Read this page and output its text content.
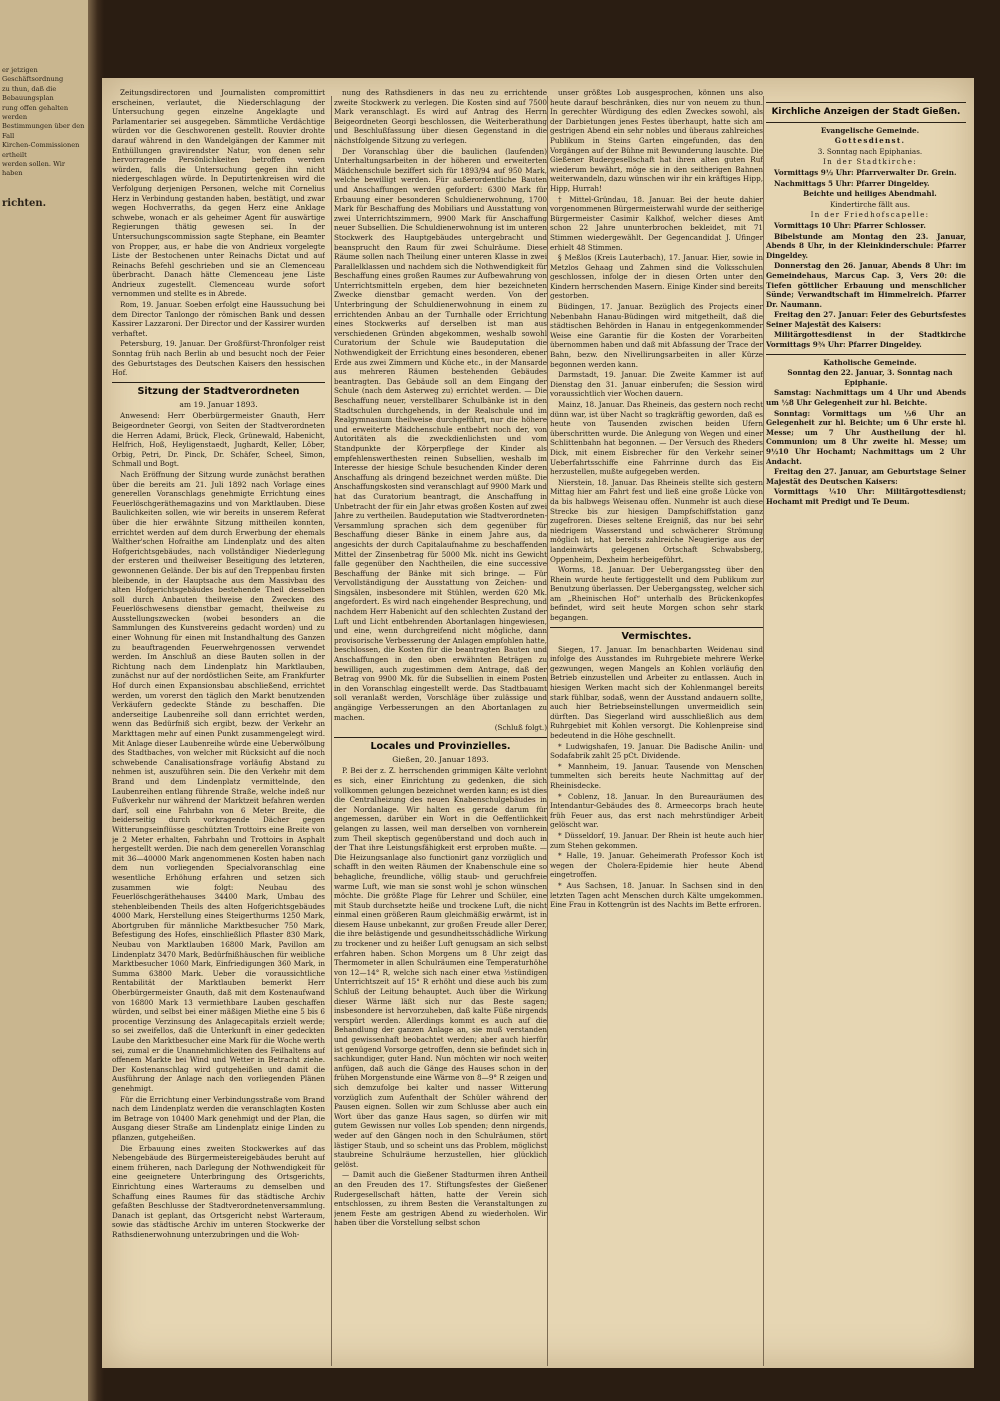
er jetzigen Geschäftsordnung

zu thun, daß die Bebauungsplan

rung offen gehalten werden

Bestimmungen über den Fall

Kirchen-Commissionen ertheilt

werden sollen. Wir haben

richten.

Zeitungsdirectoren und Journalisten compromittirt erscheinen, verlautet, die Niederschlagung der Untersuchung gegen einzelne Angeklagte und Parlamentarier sei ausgegeben. Sämmtliche Verdächtige würden vor die Geschworenen gestellt. Rouvier drohte darauf während in den Wandelgängen der Kammer mit Enthüllungen gravirendster Natur, von denen sehr hervorragende Persönlichkeiten betroffen werden würden, falls die Untersuchung gegen ihn nicht niedergeschlagen würde. In Deputirtenkreisen wird die Verfolgung derjenigen Personen, welche mit Cornelius Herz in Verbindung gestanden haben, bestätigt, und zwar wegen Hochverraths, da gegen Herz eine Anklage schwebe, wonach er als geheimer Agent für auswärtige Regierungen thätig gewesen sei. In der Untersuchungscommission sagte Stephane, ein Beamter von Propper, aus, er habe die von Andrieux vorgelegte Liste der Bestochenen unter Reinachs Dictat und auf Reinachs Befehl geschrieben und sie an Clemenceau überbracht. Danach hätte Clemenceau jene Liste Andrieux zugestellt. Clemenceau wurde sofort vernommen und stellte es in Abrede.

Rom, 19. Januar. Soeben erfolgt eine Haussuchung bei dem Director Tanlongo der römischen Bank und dessen Kassirer Lazzaroni. Der Director und der Kassirer wurden verhaftet.

Petersburg, 19. Januar. Der Großfürst-Thronfolger reist Sonntag früh nach Berlin ab und besucht noch der Feier des Geburtstages des Deutschen Kaisers den hessischen Hof.

Sitzung der Stadtverordneten
am 19. Januar 1893.

Anwesend: Herr Oberbürgermeister Gnauth, Herr Beigeordneter Georgi, von Seiten der Stadtverordneten die Herren Adami, Brück, Fleck, Grünewald, Habenicht, Helfrich, Hoß, Heyligenstaedt, Jughardt, Keller, Löber, Orbig, Petri, Dr. Pinck, Dr. Schäfer, Scheel, Simon, Schmall und Bogt.

Nach Eröffnung der Sitzung wurde zunächst berathen über die bereits am 21. Juli 1892 nach Vorlage eines generellen Voranschlags genehmigte Errichtung eines Feuerlöschgeräthemagazins und von Marktlauben. Diese Baulichkeiten sollen, wie wir bereits in unserem Referat über die hier erwähnte Sitzung mittheilen konnten, errichtet werden auf dem durch Erwerbung der ehemals Walther'schen Hofraithe am Lindenplatz und des alten Hofgerichtsgebäudes, nach vollständiger Niederlegung der ersteren und theilweiser Beseitigung des letzteren, gewonnenen Gelände. Der bis auf den Treppenbau firsten bleibende, in der Hauptsache aus dem Massivbau des alten Hofgerichtsgebäudes bestehende Theil desselben soll durch Anbauten theilweise den Zwecken des Feuerlöschwesens dienstbar gemacht, theilweise zu Ausstellungszwecken (wobei besonders an die Sammlungen des Kunstvereins gedacht worden) und zu einer Wohnung für einen mit Instandhaltung des Ganzen zu beauftragenden Feuerwehrgenossen verwendet werden. Im Anschluß an diese Bauten sollen in der Richtung nach dem Lindenplatz hin Marktlauben, zunächst nur auf der nordöstlichen Seite, am Frankfurter Hof durch einen Expansionsbau abschließend, errichtet werden, um vorerst den täglich den Markt benutzenden Verkäufern gedeckte Stände zu beschaffen. Die anderseitige Laubenreihe soll dann errichtet werden, wenn das Bedürfniß sich ergibt, bezw. der Verkehr an Markttagen mehr auf einen Punkt zusammengelegt wird. Mit Anlage dieser Laubenreihe würde eine Ueberwölbung des Stadtbaches, von welcher mit Rücksicht auf die noch schwebende Canalisationsfrage vorläufig Abstand zu nehmen ist, auszuführen sein. Die den Verkehr mit dem Brand und dem Lindenplatz vermittelnde, den Laubenreihen entlang führende Straße, welche indeß nur Fußverkehr nur während der Marktzeit befahren werden darf, soll eine Fahrbahn von 6 Meter Breite, die beiderseitig durch vorkragende Dächer gegen Witterungseinflüsse geschützten Trottoirs eine Breite von je 2 Meter erhalten, Fahrbahn und Trottoirs in Asphalt hergestellt werden. Die nach dem generellen Voranschlag mit 36—40000 Mark angenommenen Kosten haben nach dem nun vorliegenden Specialvoranschlag eine wesentliche Erhöhung erfahren und setzen sich zusammen wie folgt: Neubau des Feuerlöschgeräthehauses 34400 Mark, Umbau des stehenbleibenden Theils des alten Hofgerichtsgebäudes 4000 Mark, Herstellung eines Steigerthurms 1250 Mark, Abortgruben für männliche Marktbesucher 750 Mark, Befestigung des Hofes, einschließlich Pflaster 830 Mark, Neubau von Marktlauben 16800 Mark, Pavillon am Lindenplatz 3470 Mark, Bedürfnißhäuschen für weibliche Marktbesucher 1060 Mark, Einfriedigungen 360 Mark, in Summa 63800 Mark. Ueber die voraussichtliche Rentabilität der Marktlauben bemerkt Herr Oberbürgermeister Gnauth, daß mit dem Kostenaufwand von 16800 Mark 13 vermiethbare Lauben geschaffen würden, und selbst bei einer mäßigen Miethe eine 5 bis 6 procentige Verzinsung des Anlagecapitals erzielt werde; so sei zweifellos, daß die Unterkunft in einer gedeckten Laube den Marktbesucher eine Mark für die Woche werth sei, zumal er die Unannehmlichkeiten des Feilhaltens auf offenem Markte bei Wind und Wetter in Betracht ziehe. Der Kostenanschlag wird gutgeheißen und damit die Ausführung der Anlage nach den vorliegenden Plänen genehmigt.

Für die Errichtung einer Verbindungsstraße vom Brand nach dem Lindenplatz werden die veranschlagten Kosten im Betrage von 10400 Mark genehmigt und der Plan, die Ausgang dieser Straße am Lindenplatz einige Linden zu pflanzen, gutgeheißen.

Die Erbauung eines zweiten Stockwerkes auf das Nebengebäude des Bürgermeistereigebäudes beruht auf einem früheren, nach Darlegung der Nothwendigkeit für eine geeignetere Unterbringung des Ortsgerichts, Einrichtung eines Warteraums zu demselben und Schaffung eines Raumes für das städtische Archiv gefaßten Beschlusse der Stadtverordnetenversammlung. Danach ist geplant, das Ortsgericht nebst Warteraum, sowie das städtische Archiv im unteren Stockwerke der Rathsdienerwohnung unterzubringen und die Woh-

nung des Rathsdieners in das neu zu errichtende zweite Stockwerk zu verlegen. Die Kosten sind auf 7500 Mark veranschlagt. Es wird auf Antrag des Herrn Beigeordneten Georgi beschlossen, die Weiterberathung und Beschlußfassung über diesen Gegenstand in die nächstfolgende Sitzung zu verlegen.

Der Voranschlag über die baulichen (laufenden) Unterhaltungsarbeiten in der höheren und erweiterten Mädchenschule beziffert sich für 1893/94 auf 950 Mark, welche bewilligt werden. Für außerordentliche Bauten und Anschaffungen werden gefordert: 6300 Mark für Erbauung einer besonderen Schuldienerwohnung, 1700 Mark für Beschaffung des Mobiliars und Ausstattung von zwei Unterrichtszimmern, 9900 Mark für Anschaffung neuer Subsellien. Die Schuldienerwohnung ist im unteren Stockwerk des Hauptgebäudes untergebracht und beansprucht den Raum für zwei Schulräume. Diese Räume sollen nach Theilung einer unteren Klasse in zwei Parallelklassen und nachdem sich die Nothwendigkeit für Beschaffung eines großen Raumes zur Aufbewahrung von Unterrichtsmitteln ergeben, dem hier bezeichneten Zwecke dienstbar gemacht werden. Von der Unterbringung der Schuldienerwohnung in einem zu errichtenden Anbau an der Turnhalle oder Errichtung eines Stockwerks auf derselben ist man aus verschiedenen Gründen abgekommen, weshalb sowohl Curatorium der Schule wie Baudeputation die Nothwendigkeit der Errichtung eines besonderen, ebener Erde aus zwei Zimmern und Küche etc., in der Mansarde aus mehreren Räumen bestehenden Gebäudes beantragten. Das Gebäude soll an dem Eingang der Schule (nach dem Asterweg zu) errichtet werden. — Die Beschaffung neuer, verstellbarer Schulbänke ist in den Stadtschulen durchgehends, in der Realschule und im Realgymnasium theilweise durchgeführt, nur die höhere und erweiterte Mädchenschule entbehrt noch der, von Autoritäten als die zweckdienlichsten und vom Standpunkte der Körperpflege der Kinder als empfehlenswerthesten reinen Subsellien, weshalb im Interesse der hiesige Schule besuchenden Kinder deren Anschaffung als dringend bezeichnet werden müßte. Die Anschaffungskosten sind veranschlagt auf 9900 Mark und hat das Curatorium beantragt, die Anschaffung in Unbetracht der für ein Jahr etwas großen Kosten auf zwei Jahre zu vertheilen. Baudeputation wie Stadtverordneten-Versammlung sprachen sich dem gegenüber für Beschaffung dieser Bänke in einem Jahre aus, da angesichts der durch Capitalaufnahme zu beschaffenden Mittel der Zinsenbetrag für 5000 Mk. nicht ins Gewicht falle gegenüber den Nachtheilen, die eine successive Beschaffung der Bänke mit sich bringe. — Für Vervollständigung der Ausstattung von Zeichen- und Singsälen, insbesondere mit Stühlen, werden 620 Mk. angefordert. Es wird nach eingehender Besprechung, und nachdem Herr Habenicht auf den schlechten Zustand der Luft und Licht entbehrenden Abortanlagen hingewiesen, und eine, wenn durchgreifend nicht mögliche, dann provisorische Verbesserung der Anlagen empfohlen hatte, beschlossen, die Kosten für die beantragten Bauten und Anschaffungen in den oben erwähnten Beträgen zu bewilligen, auch zugestimmen dem Antrage, daß der Betrag von 9900 Mk. für die Subsellien in einem Posten in den Voranschlag eingestellt werde. Das Stadtbauamt soll veranlaßt werden, Vorschläge über zulässige und angängige Verbesserungen an den Abortanlagen zu machen.

(Schluß folgt.)

Locales und Provinzielles.
Gießen, 20. Januar 1893.

P. Bei der z. Z. herrschenden grimmigen Kälte verlohnt es sich, einer Einrichtung zu gedenken, die sich vollkommen gelungen bezeichnet werden kann; es ist dies die Centralheizung des neuen Knabenschulgebäudes in der Nordanlage. Wir halten es gerade darum für angemessen, darüber ein Wort in die Oeffentlichkeit gelangen zu lassen, weil man derselben von vornherein zum Theil skeptisch gegenüberstand und doch auch in der That ihre Leistungsfähigkeit erst erproben mußte. — Die Heizungsanlage also functionirt ganz vorzüglich und schafft in den weiten Räumen der Knabenschule eine so behagliche, freundliche, völlig staub- und geruchfreie warme Luft, wie man sie sonst wohl je schon wünschen möchte. Die größte Plage für Lehrer und Schüler, eine mit Staub durchsetzte heiße und trockene Luft, die nicht einmal einen größeren Raum gleichmäßig erwärmt, ist in diesem Hause unbekannt, zur großen Freude aller Derer, die ihre belästigende und gesundheitsschädliche Wirkung zu trockener und zu heißer Luft genugsam an sich selbst erfahren haben. Schon Morgens um 8 Uhr zeigt das Thermometer in allen Schulräumen eine Temperaturhöhe von 12—14° R, welche sich nach einer etwa ½stündigen Unterrichtszeit auf 15° R erhöht und diese auch bis zum Schluß der Leitung behauptet. Auch über die Wirkung dieser Wärme läßt sich nur das Beste sagen; insbesondere ist hervorzuheben, daß kalte Füße nirgends verspürt werden. Allerdings kommt es auch auf die Behandlung der ganzen Anlage an, sie muß verstanden und gewissenhaft beobachtet werden; aber auch hierfür ist genügend Vorsorge getroffen, denn sie befindet sich in sachkundiger, guter Hand. Nun möchten wir noch weiter anfügen, daß auch die Gänge des Hauses schon in der frühen Morgenstunde eine Wärme von 8—9° R zeigen und sich demzufolge bei kalter und nasser Witterung vorzüglich zum Aufenthalt der Schüler während der Pausen eignen. Sollen wir zum Schlusse aber auch ein Wort über das ganze Haus sagen, so dürfen wir mit gutem Gewissen nur volles Lob spenden; denn nirgends, weder auf den Gängen noch in den Schulräumen, stört lästiger Staub, und so scheint uns das Problem, möglichst staubreine Schulräume herzustellen, hier glücklich gelöst.

— Damit auch die Gießener Stadturmen ihren Antheil an den Freuden des 17. Stiftungsfestes der Gießener Rudergesellschaft hätten, hatte der Verein sich entschlossen, zu ihrem Besten die Veranstaltungen zu jenem Feste am gestrigen Abend zu wiederholen. Wir haben über die Vorstellung selbst schon

unser größtes Lob ausgesprochen, können uns also heute darauf beschränken, dies nur von neuem zu thun. In gerechter Würdigung des edlen Zweckes sowohl, als der Darbietungen jenes Festes überhaupt, hatte sich am gestrigen Abend ein sehr nobles und überaus zahlreiches Publikum in Steins Garten eingefunden, das den Vorgängen auf der Bühne mit Bewunderung lauschte. Die Gießener Rudergesellschaft hat ihren alten guten Ruf wiederum bewährt, möge sie in den seitherigen Bahnen weiterwandeln, dazu wünschen wir ihr ein kräftiges Hipp, Hipp, Hurrah!

† Mittel-Gründau, 18. Januar. Bei der heute dahier vorgenommenen Bürgermeisterwahl wurde der seitherige Bürgermeister Casimir Kalkhof, welcher dieses Amt schon 22 Jahre ununterbrochen bekleidet, mit 71 Stimmen wiedergewählt. Der Gegencandidat J. Ufinger erhielt 48 Stimmen.

§ Meßlos (Kreis Lauterbach), 17. Januar. Hier, sowie in Metzlos Gehaag und Zahmen sind die Volksschulen geschlossen, infolge der in diesen Orten unter den Kindern herrschenden Masern. Einige Kinder sind bereits gestorben.

Büdingen, 17. Januar. Bezüglich des Projects einer Nebenbahn Hanau-Büdingen wird mitgetheilt, daß die städtischen Behörden in Hanau in entgegenkommender Weise eine Garantie für die Kosten der Vorarbeiten übernommen haben und daß mit Abfassung der Trace der Bahn, bezw. den Nivellirungsarbeiten in aller Kürze begonnen werden kann.

Darmstadt, 19. Januar. Die Zweite Kammer ist auf Dienstag den 31. Januar einberufen; die Session wird voraussichtlich vier Wochen dauern.

Mainz, 18. Januar. Das Rheineis, das gestern noch recht dünn war, ist über Nacht so tragkräftig geworden, daß es heute von Tausenden zwischen beiden Ufern überschritten wurde. Die Anlegung von Wegen und einer Schlittenbahn hat begonnen. — Der Versuch des Rheders Dick, mit einem Eisbrecher für den Verkehr seiner Ueberfahrtsschiffe eine Fahrrinne durch das Eis herzustellen, mußte aufgegeben werden.

Nierstein, 18. Januar. Das Rheineis stellte sich gestern Mittag hier am Fahrt fest und ließ eine große Lücke von da bis halbwegs Weisenau offen. Nunmehr ist auch diese Strecke bis zur hiesigen Dampfschiffstation ganz zugefroren. Dieses seltene Ereigniß, das nur bei sehr niedrigem Wasserstand und schwächerer Strömung möglich ist, hat bereits zahlreiche Neugierige aus der landeinwärts gelegenen Ortschaft Schwabsberg, Oppenheim, Dexheim herbeigeführt.

Worms, 18. Januar. Der Uebergangssteg über den Rhein wurde heute fertiggestellt und dem Publikum zur Benutzung überlassen. Der Uebergangssteg, welcher sich am „Rheinischen Hof“ unterhalb des Brückenkopfes befindet, wird seit heute Morgen schon sehr stark begangen.

Vermischtes.

Siegen, 17. Januar. Im benachbarten Weidenau sind infolge des Ausstandes im Ruhrgebiete mehrere Werke gezwungen, wegen Mangels an Kohlen vorläufig den Betrieb einzustellen und Arbeiter zu entlassen. Auch in hiesigen Werken macht sich der Kohlenmangel bereits stark fühlbar, sodaß, wenn der Ausstand andauern sollte, auch hier Betriebseinstellungen unvermeidlich sein dürften. Das Siegerland wird ausschließlich aus dem Ruhrgebiet mit Kohlen versorgt. Die Kohlenpreise sind bedeutend in die Höhe geschnellt.

* Ludwigshafen, 19. Januar. Die Badische Anilin- und Sodafabrik zahlt 25 pCt. Dividende.

* Mannheim, 19. Januar. Tausende von Menschen tummelten sich bereits heute Nachmittag auf der Rheinisdecke.

* Coblenz, 18. Januar. In den Bureauräumen des Intendantur-Gebäudes des 8. Armeecorps brach heute früh Feuer aus, das erst nach mehrstündiger Arbeit gelöscht war.

* Düsseldorf, 19. Januar. Der Rhein ist heute auch hier zum Stehen gekommen.

* Halle, 19. Januar. Geheimerath Professor Koch ist wegen der Cholera-Epidemie hier heute Abend eingetroffen.

* Aus Sachsen, 18. Januar. In Sachsen sind in den letzten Tagen acht Menschen durch Kälte umgekommen. Eine Frau in Kottengrün ist des Nachts im Bette erfroren.

Kirchliche Anzeigen der Stadt Gießen.

Evangelische Gemeinde.

Gottesdienst.

3. Sonntag nach Epiphanias.

In der Stadtkirche:

Vormittags 9½ Uhr: Pfarrverwalter Dr. Grein.

Nachmittags 5 Uhr: Pfarrer Dingeldey.

Beichte und heiliges Abendmahl.

Kindertirche fällt aus.

In der Friedhofscapelle:

Vormittags 10 Uhr: Pfarrer Schlosser.

Bibelstunde am Montag den 23. Januar, Abends 8 Uhr, in der Kleinkinderschule: Pfarrer Dingeldey.

Donnerstag den 26. Januar, Abends 8 Uhr: im Gemeindehaus, Marcus Cap. 3, Vers 20: die Tiefen göttlicher Erbauung und menschlicher Sünde; Verwandtschaft im Himmelreich. Pfarrer Dr. Naumann.

Freitag den 27. Januar: Feier des Geburtsfestes Seiner Majestät des Kaisers:

Militärgottesdienst in der Stadtkirche Vormittags 9¾ Uhr: Pfarrer Dingeldey.

Katholische Gemeinde.

Sonntag den 22. Januar, 3. Sonntag nach Epiphanie.

Samstag: Nachmittags um 4 Uhr und Abends um ½8 Uhr Gelegenheit zur hl. Beichte.

Sonntag: Vormittags um ½6 Uhr an Gelegenheit zur hl. Beichte; um 6 Uhr erste hl. Messe; um 7 Uhr Austheilung der hl. Communion; um 8 Uhr zweite hl. Messe; um 9½10 Uhr Hochamt; Nachmittags um 2 Uhr Andacht.

Freitag den 27. Januar, am Geburtstage Seiner Majestät des Deutschen Kaisers:

Vormittags ¼10 Uhr: Militärgottesdienst; Hochamt mit Predigt und Te Deum.
